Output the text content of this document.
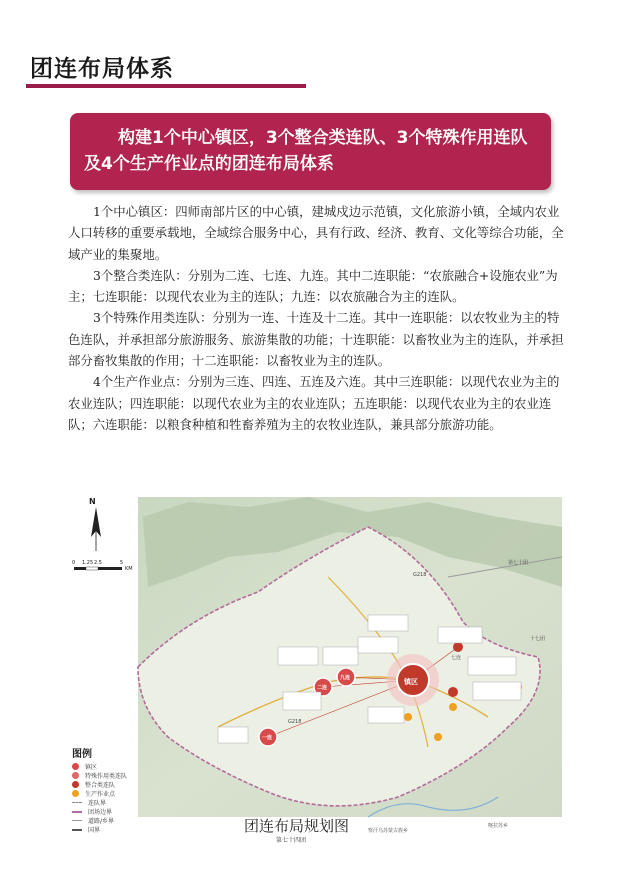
团连布局体系
构建1个中心镇区，3个整合类连队、3个特殊作用连队及4个生产作业点的团连布局体系

1个中心镇区：四师南部片区的中心镇，建城戍边示范镇，文化旅游小镇，全域内农业人口转移的重要承载地，全域综合服务中心，具有行政、经济、教育、文化等综合功能，全域产业的集聚地。

3个整合类连队：分别为二连、七连、九连。其中二连职能：“农旅融合+设施农业”为主；七连职能：以现代农业为主的连队；九连：以农旅融合为主的连队。

3个特殊作用类连队：分别为一连、十连及十二连。其中一连职能：以农牧业为主的特色连队，并承担部分旅游服务、旅游集散的功能；十连职能：以畜牧业为主的连队，并承担部分畜牧集散的作用；十二连职能：以畜牧业为主的连队。

4个生产作业点：分别为三连、四连、五连及六连。其中三连职能：以现代农业为主的农业连队；四连职能：以现代农业为主的农业连队；五连职能：以现代农业为主的农业连队；六连职能：以粮食种植和牲畜养殖为主的农牧业连队，兼具部分旅游功能。

N
0 1.25 2.5	5
KM
镇区
一连
二连
九连
七连
G218
G218
第七十团
十七团
察汗乌苏蒙古族乡
喀拉苏乡
图例
镇区
特殊作用类连队
整合类连队
生产作业点
连队界
团场边界
道路/乡界
国界	团连布局规划图
第七十四团
